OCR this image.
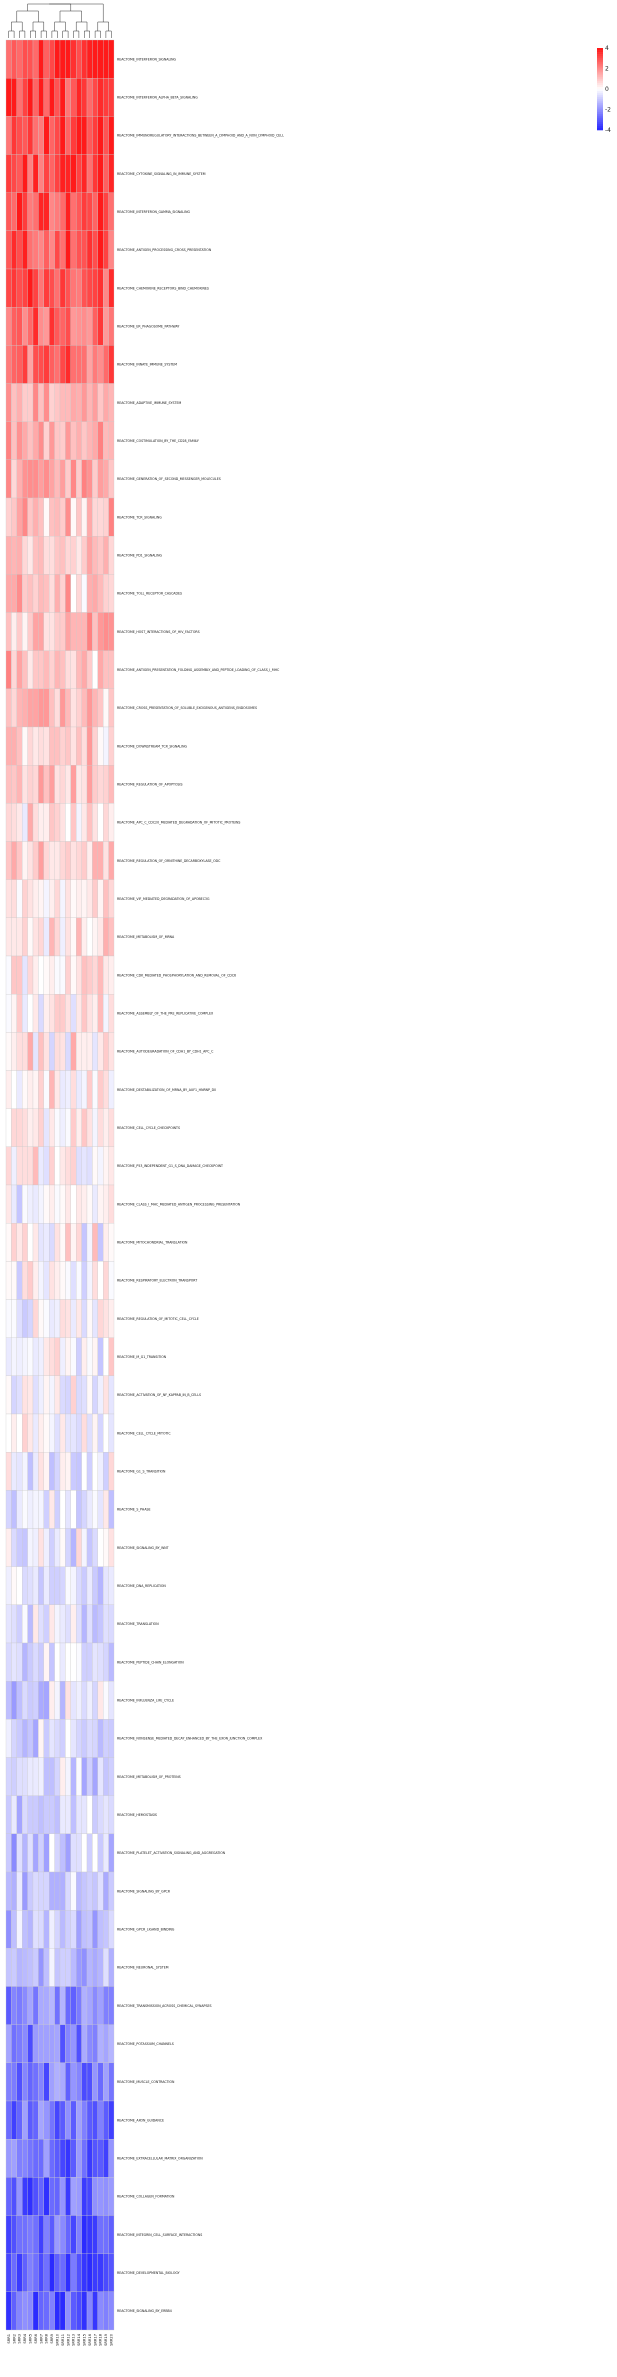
REACTOME_INTERFERON_SIGNALING
REACTOME_INTERFERON_ALPHA_BETA_SIGNALING
REACTOME_IMMUNOREGULATORY_INTERACTIONS_BETWEEN_A_LYMPHOID_AND_A_NON_LYMPHOID_CELL
REACTOME_CYTOKINE_SIGNALING_IN_IMMUNE_SYSTEM
REACTOME_INTERFERON_GAMMA_SIGNALING
REACTOME_ANTIGEN_PROCESSING_CROSS_PRESENTATION
REACTOME_CHEMOKINE_RECEPTORS_BIND_CHEMOKINES
REACTOME_ER_PHAGOSOME_PATHWAY
REACTOME_INNATE_IMMUNE_SYSTEM
REACTOME_ADAPTIVE_IMMUNE_SYSTEM
REACTOME_COSTIMULATION_BY_THE_CD28_FAMILY
REACTOME_GENERATION_OF_SECOND_MESSENGER_MOLECULES
REACTOME_TCR_SIGNALING
REACTOME_PD1_SIGNALING
REACTOME_TOLL_RECEPTOR_CASCADES
REACTOME_HOST_INTERACTIONS_OF_HIV_FACTORS
REACTOME_ANTIGEN_PRESENTATION_FOLDING_ASSEMBLY_AND_PEPTIDE_LOADING_OF_CLASS_I_MHC
REACTOME_CROSS_PRESENTATION_OF_SOLUBLE_EXOGENOUS_ANTIGENS_ENDOSOMES
REACTOME_DOWNSTREAM_TCR_SIGNALING
REACTOME_REGULATION_OF_APOPTOSIS
REACTOME_APC_C_CDC20_MEDIATED_DEGRADATION_OF_MITOTIC_PROTEINS
REACTOME_REGULATION_OF_ORNITHINE_DECARBOXYLASE_ODC
REACTOME_VIF_MEDIATED_DEGRADATION_OF_APOBEC3G
REACTOME_METABOLISM_OF_MRNA
REACTOME_CDK_MEDIATED_PHOSPHORYLATION_AND_REMOVAL_OF_CDC6
REACTOME_ASSEMBLY_OF_THE_PRE_REPLICATIVE_COMPLEX
REACTOME_AUTODEGRADATION_OF_CDH1_BY_CDH1_APC_C
REACTOME_DESTABILIZATION_OF_MRNA_BY_AUF1_HNRNP_D0
REACTOME_CELL_CYCLE_CHECKPOINTS
REACTOME_P53_INDEPENDENT_G1_S_DNA_DAMAGE_CHECKPOINT
REACTOME_CLASS_I_MHC_MEDIATED_ANTIGEN_PROCESSING_PRESENTATION
REACTOME_MITOCHONDRIAL_TRANSLATION
REACTOME_RESPIRATORY_ELECTRON_TRANSPORT
REACTOME_REGULATION_OF_MITOTIC_CELL_CYCLE
REACTOME_M_G1_TRANSITION
REACTOME_ACTIVATION_OF_NF_KAPPAB_IN_B_CELLS
REACTOME_CELL_CYCLE_MITOTIC
REACTOME_G1_S_TRANSITION
REACTOME_S_PHASE
REACTOME_SIGNALING_BY_WNT
REACTOME_DNA_REPLICATION
REACTOME_TRANSLATION
REACTOME_PEPTIDE_CHAIN_ELONGATION
REACTOME_INFLUENZA_LIFE_CYCLE
REACTOME_NONSENSE_MEDIATED_DECAY_ENHANCED_BY_THE_EXON_JUNCTION_COMPLEX
REACTOME_METABOLISM_OF_PROTEINS
REACTOME_HEMOSTASIS
REACTOME_PLATELET_ACTIVATION_SIGNALING_AND_AGGREGATION
REACTOME_SIGNALING_BY_GPCR
REACTOME_GPCR_LIGAND_BINDING
REACTOME_NEURONAL_SYSTEM
REACTOME_TRANSMISSION_ACROSS_CHEMICAL_SYNAPSES
REACTOME_POTASSIUM_CHANNELS
REACTOME_MUSCLE_CONTRACTION
REACTOME_AXON_GUIDANCE
REACTOME_EXTRACELLULAR_MATRIX_ORGANIZATION
REACTOME_COLLAGEN_FORMATION
REACTOME_INTEGRIN_CELL_SURFACE_INTERACTIONS
REACTOME_DEVELOPMENTAL_BIOLOGY
REACTOME_SIGNALING_BY_ERBB4
SRR1 SRR2 SRR3 SRR4 SRR5 SRR6 SRR7 SRR8 SRR9 SRR10 SRR11 SRR12 SRR13 SRR14 SRR15 SRR16 SRR17 SRR18 SRR19 SRR20
4
2
0
-2
-4
